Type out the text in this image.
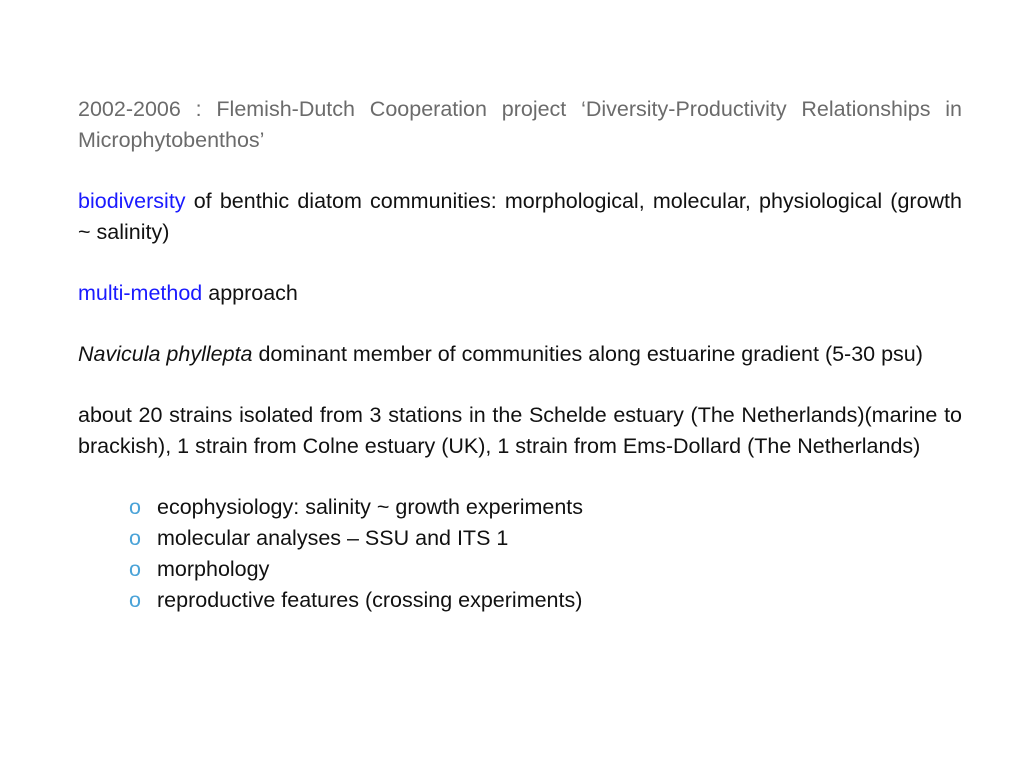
2002-2006 : Flemish-Dutch Cooperation project ‘Diversity-Productivity Relationships in Microphytobenthos’

biodiversity of benthic diatom communities: morphological, molecular, physiological (growth ~ salinity)

multi-method approach

Navicula phyllepta dominant member of communities along estuarine gradient (5-30 psu)

about 20 strains isolated from 3 stations in the Schelde estuary (The Netherlands)(marine to brackish), 1 strain from Colne estuary (UK), 1 strain from Ems-Dollard (The Netherlands)

o ecophysiology: salinity ~ growth experiments
o molecular analyses – SSU and ITS 1
o morphology
o reproductive features (crossing experiments)
